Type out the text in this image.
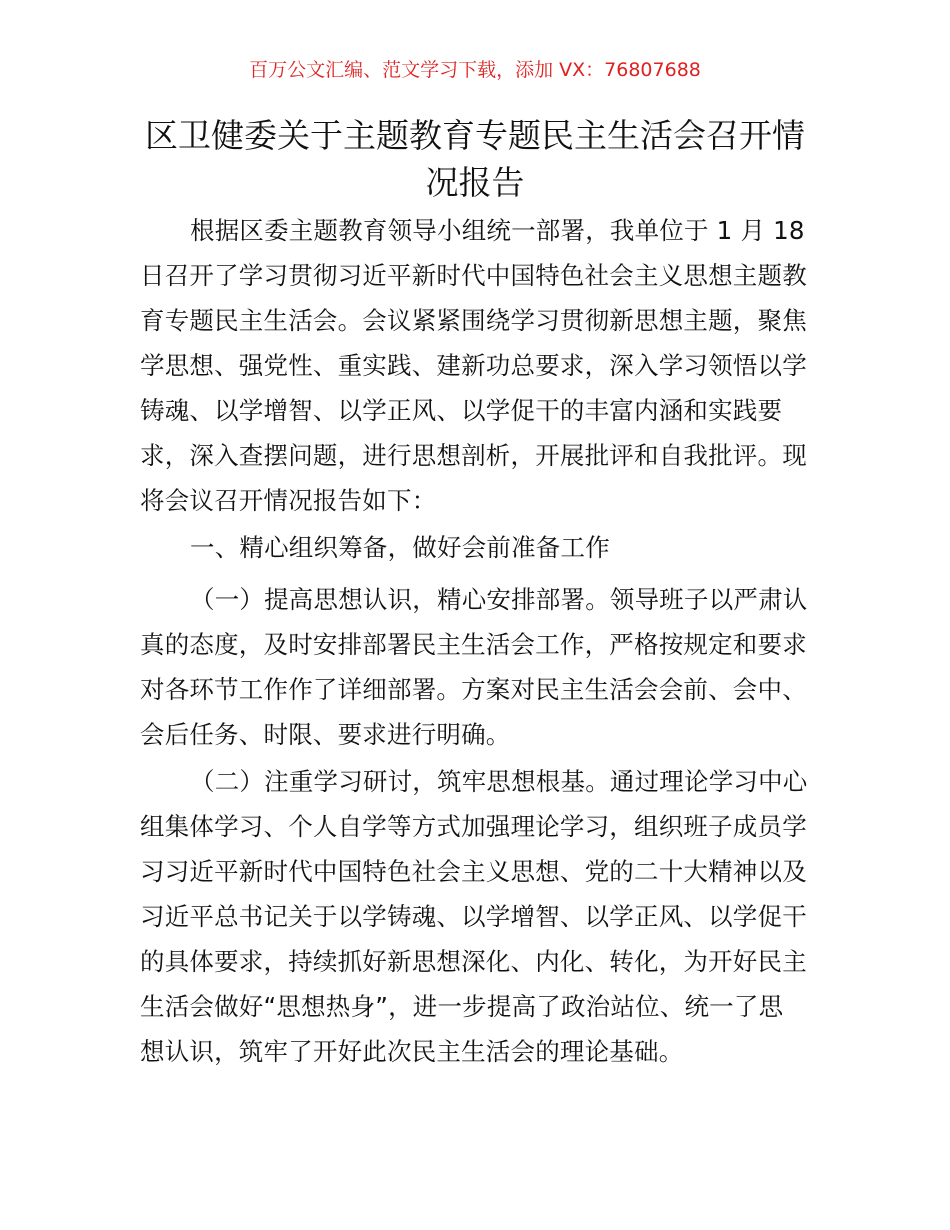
百万公文汇编、范文学习下载，添加 VX：76807688
区卫健委关于主题教育专题民主生活会召开情
况报告
根据区委主题教育领导小组统一部署，我单位于 1 月 18
日召开了学习贯彻习近平新时代中国特色社会主义思想主题教
育专题民主生活会。会议紧紧围绕学习贯彻新思想主题，聚焦
学思想、强党性、重实践、建新功总要求，深入学习领悟以学
铸魂、以学增智、以学正风、以学促干的丰富内涵和实践要
求，深入查摆问题，进行思想剖析，开展批评和自我批评。现
将会议召开情况报告如下：
一、精心组织筹备，做好会前准备工作
（一）提高思想认识，精心安排部署。领导班子以严肃认
真的态度，及时安排部署民主生活会工作，严格按规定和要求
对各环节工作作了详细部署。方案对民主生活会会前、会中、
会后任务、时限、要求进行明确。
（二）注重学习研讨，筑牢思想根基。通过理论学习中心
组集体学习、个人自学等方式加强理论学习，组织班子成员学
习习近平新时代中国特色社会主义思想、党的二十大精神以及
习近平总书记关于以学铸魂、以学增智、以学正风、以学促干
的具体要求，持续抓好新思想深化、内化、转化，为开好民主
生活会做好“思想热身”，进一步提高了政治站位、统一了思
想认识，筑牢了开好此次民主生活会的理论基础。
